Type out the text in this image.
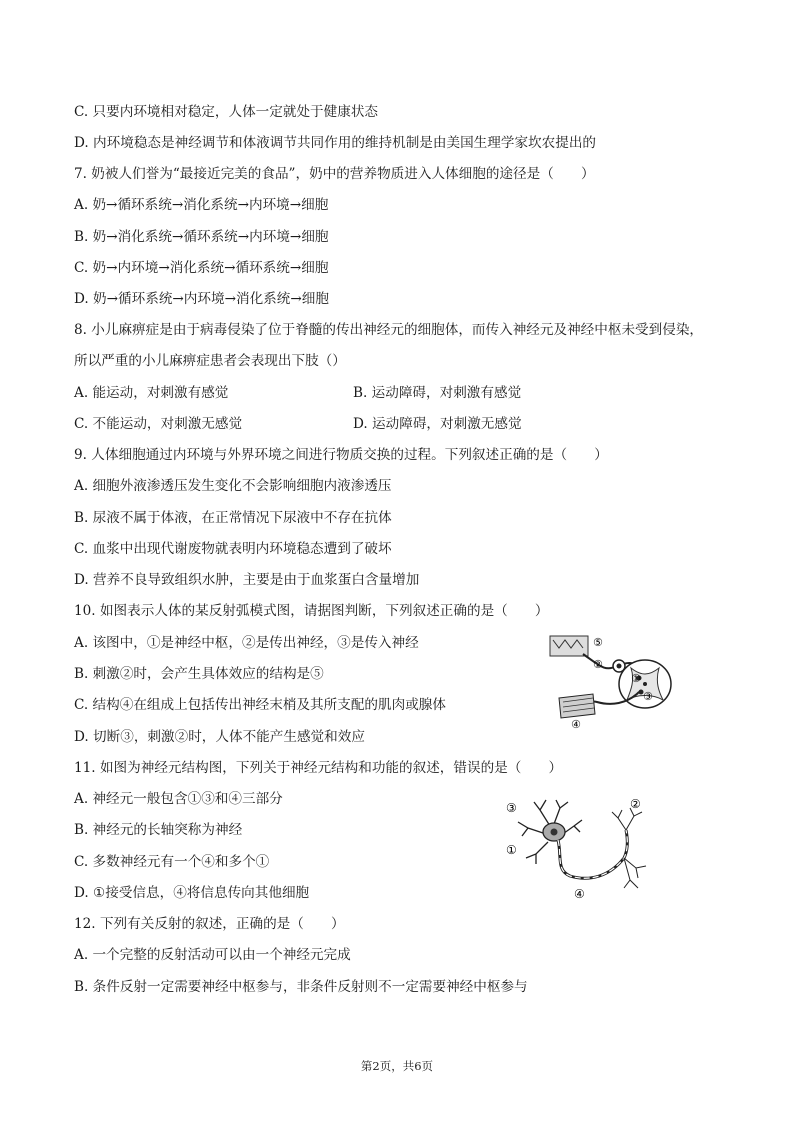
C. 只要内环境相对稳定，人体一定就处于健康状态
D. 内环境稳态是神经调节和体液调节共同作用的维持机制是由美国生理学家坎农提出的
7. 奶被人们誉为“最接近完美的食品”，奶中的营养物质进入人体细胞的途径是（　　）
A. 奶→循环系统→消化系统→内环境→细胞
B. 奶→消化系统→循环系统→内环境→细胞
C. 奶→内环境→消化系统→循环系统→细胞
D. 奶→循环系统→内环境→消化系统→细胞
8. 小儿麻痹症是由于病毒侵染了位于脊髓的传出神经元的细胞体，而传入神经元及神经中枢未受到侵染，
所以严重的小儿麻痹症患者会表现出下肢（）
A. 能运动，对刺激有感觉	B. 运动障碍，对刺激有感觉
C. 不能运动，对刺激无感觉	D. 运动障碍，对刺激无感觉
9. 人体细胞通过内环境与外界环境之间进行物质交换的过程。下列叙述正确的是（　　）
A. 细胞外液渗透压发生变化不会影响细胞内液渗透压
B. 尿液不属于体液，在正常情况下尿液中不存在抗体
C. 血浆中出现代谢废物就表明内环境稳态遭到了破坏
D. 营养不良导致组织水肿，主要是由于血浆蛋白含量增加
10. 如图表示人体的某反射弧模式图，请据图判断，下列叙述正确的是（　　）
A. 该图中，①是神经中枢，②是传出神经，③是传入神经
B. 刺激②时，会产生具体效应的结构是⑤
C. 结构④在组成上包括传出神经末梢及其所支配的肌肉或腺体
D. 切断③，刺激②时，人体不能产生感觉和效应
11. 如图为神经元结构图，下列关于神经元结构和功能的叙述，错误的是（　　）
A. 神经元一般包含①③和④三部分
B. 神经元的长轴突称为神经
C. 多数神经元有一个④和多个①
D. ①接受信息，④将信息传向其他细胞
12. 下列有关反射的叙述，正确的是（　　）
A. 一个完整的反射活动可以由一个神经元完成
B. 条件反射一定需要神经中枢参与，非条件反射则不一定需要神经中枢参与
⑤
②
①
③
④
③
①
②
④
第2页，共6页
